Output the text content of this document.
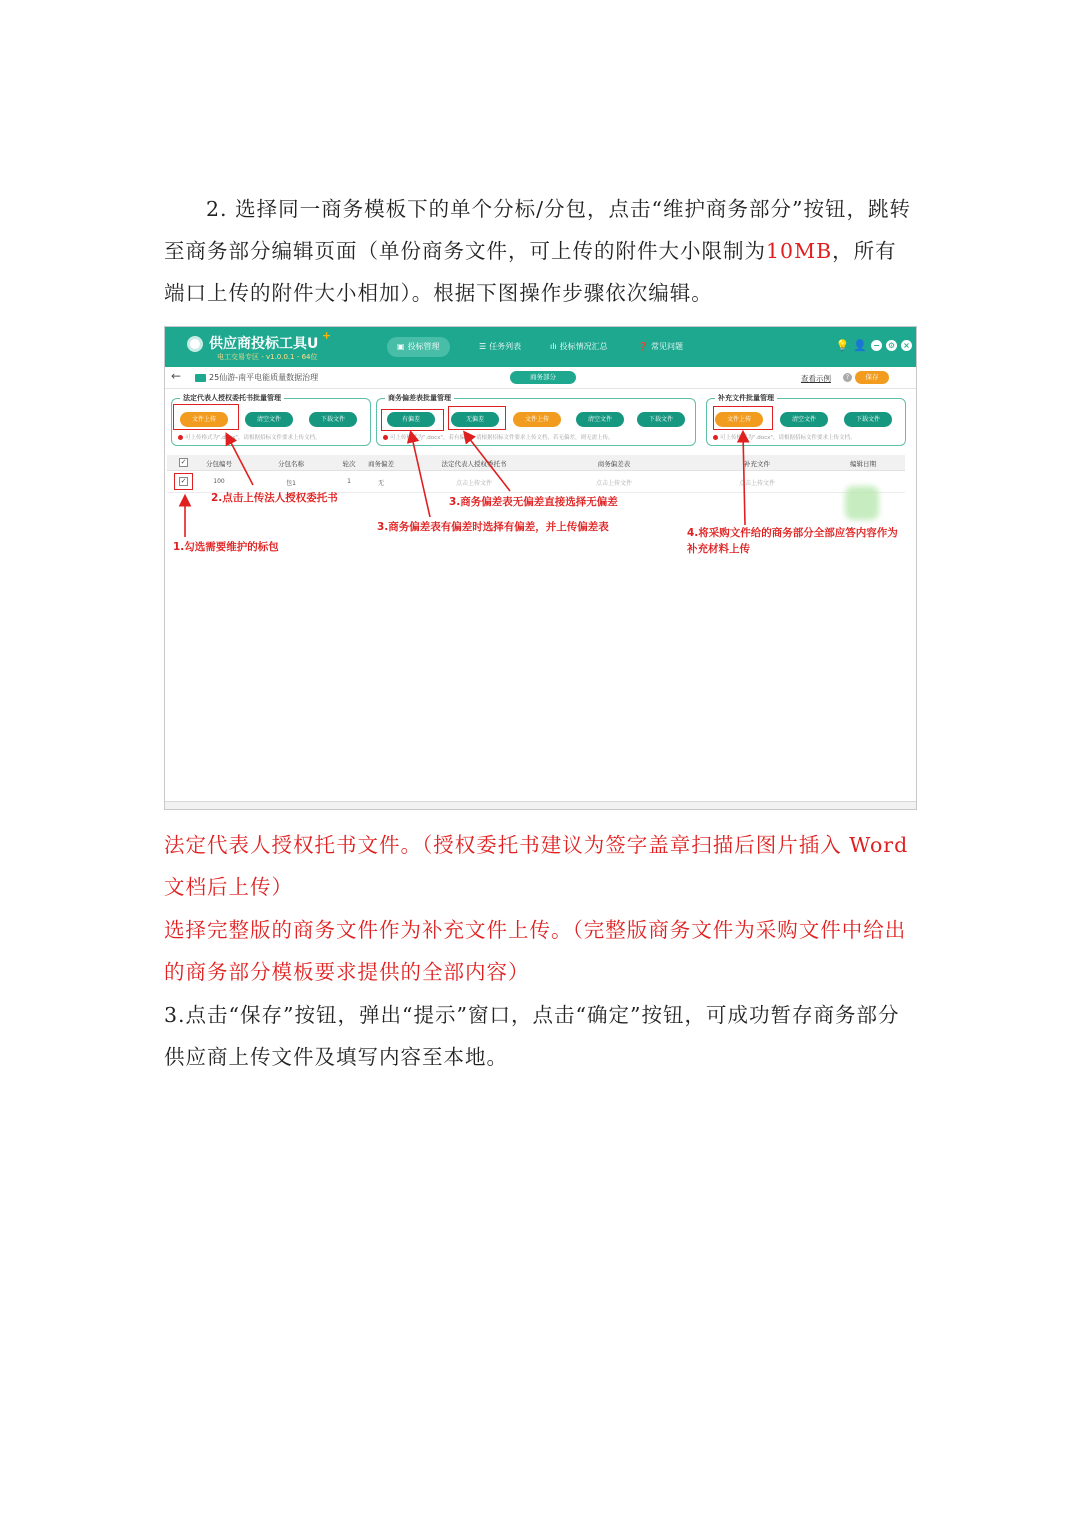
2. 选择同一商务模板下的单个分标/分包，点击“维护商务部分”按钮，跳转至商务部分编辑页面（单份商务文件，可上传的附件大小限制为10MB，所有端口上传的附件大小相加）。根据下图操作步骤依次编辑。
供应商投标工具U
+
电工交易专区 - v1.0.0.1 - 64位
▣ 投标管理	☰ 任务列表	ılı 投标情况汇总	❓ 常见问题	💡 👤 − ⚙ ×
←	25仙游-南平电能质量数据治理	商务部分	查看示例	?	保存
法定代表人授权委托书批量管理
文件上传	清空文件	下载文件
可上传格式为".docx"，请根据招标文件要求上传文档。
商务偏差表批量管理
有偏差	无偏差	文件上传	清空文件	下载文件
可上传格式为".docx"，若有偏差，请根据招标文件要求上传文档，若无偏差，则无需上传。
补充文件批量管理
文件上传	清空文件	下载文件
可上传格式为".docx"，请根据招标文件要求上传文档。
✓	分包编号	分包名称	轮次 商务偏差	法定代表人授权委托书	商务偏差表	补充文件	编辑日期
✓	100	包1	1	无	点击上传文件	点击上传文件	点击上传文件
1.勾选需要维护的标包
2.点击上传法人授权委托书	3.商务偏差表无偏差直接选择无偏差
3.商务偏差表有偏差时选择有偏差，并上传偏差表	4.将采购文件给的商务部分全部应答内容作为补充材料上传
法定代表人授权托书文件。（授权委托书建议为签字盖章扫描后图片插入 Word 文档后上传）
选择完整版的商务文件作为补充文件上传。（完整版商务文件为采购文件中给出的商务部分模板要求提供的全部内容）
3.点击“保存”按钮，弹出“提示”窗口，点击“确定”按钮，可成功暂存商务部分供应商上传文件及填写内容至本地。
